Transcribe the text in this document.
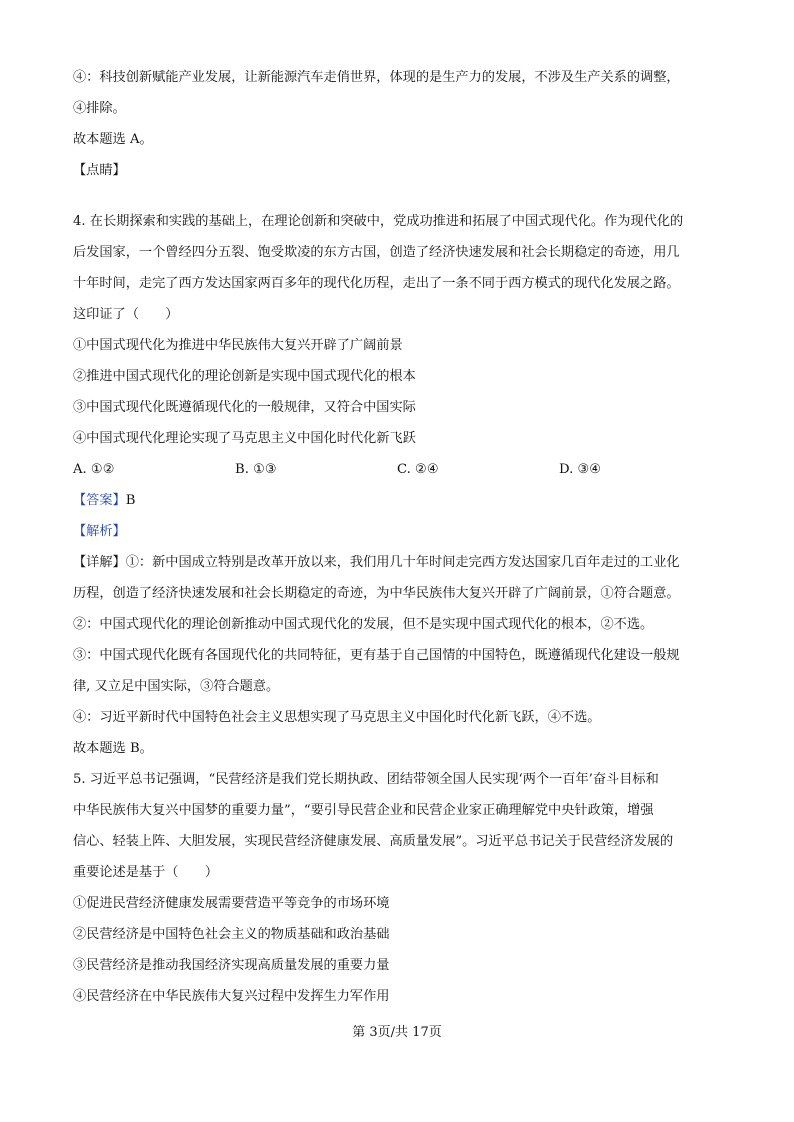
④：科技创新赋能产业发展，让新能源汽车走俏世界，体现的是生产力的发展，不涉及生产关系的调整，
④排除。
故本题选 A。
【点睛】
4. 在长期探索和实践的基础上，在理论创新和突破中，党成功推进和拓展了中国式现代化。作为现代化的
后发国家，一个曾经四分五裂、饱受欺凌的东方古国，创造了经济快速发展和社会长期稳定的奇迹，用几
十年时间，走完了西方发达国家两百多年的现代化历程，走出了一条不同于西方模式的现代化发展之路。
这印证了（　　）
①中国式现代化为推进中华民族伟大复兴开辟了广阔前景
②推进中国式现代化的理论创新是实现中国式现代化的根本
③中国式现代化既遵循现代化的一般规律，又符合中国实际
④中国式现代化理论实现了马克思主义中国化时代化新飞跃
A. ①②	B. ①③	C. ②④	D. ③④
【答案】B
【解析】
【详解】①：新中国成立特别是改革开放以来，我们用几十年时间走完西方发达国家几百年走过的工业化
历程，创造了经济快速发展和社会长期稳定的奇迹，为中华民族伟大复兴开辟了广阔前景，①符合题意。
②：中国式现代化的理论创新推动中国式现代化的发展，但不是实现中国式现代化的根本，②不选。
③：中国式现代化既有各国现代化的共同特征，更有基于自己国情的中国特色，既遵循现代化建设一般规
律, 又立足中国实际，③符合题意。
④：习近平新时代中国特色社会主义思想实现了马克思主义中国化时代化新飞跃，④不选。
故本题选 B。
5. 习近平总书记强调，“民营经济是我们党长期执政、团结带领全国人民实现‘两个一百年’奋斗目标和
中华民族伟大复兴中国梦的重要力量”，“要引导民营企业和民营企业家正确理解党中央针政策，增强
信心、轻装上阵、大胆发展，实现民营经济健康发展、高质量发展”。习近平总书记关于民营经济发展的
重要论述是基于（　　）
①促进民营经济健康发展需要营造平等竞争的市场环境
②民营经济是中国特色社会主义的物质基础和政治基础
③民营经济是推动我国经济实现高质量发展的重要力量
④民营经济在中华民族伟大复兴过程中发挥生力军作用
第 3页/共 17页
